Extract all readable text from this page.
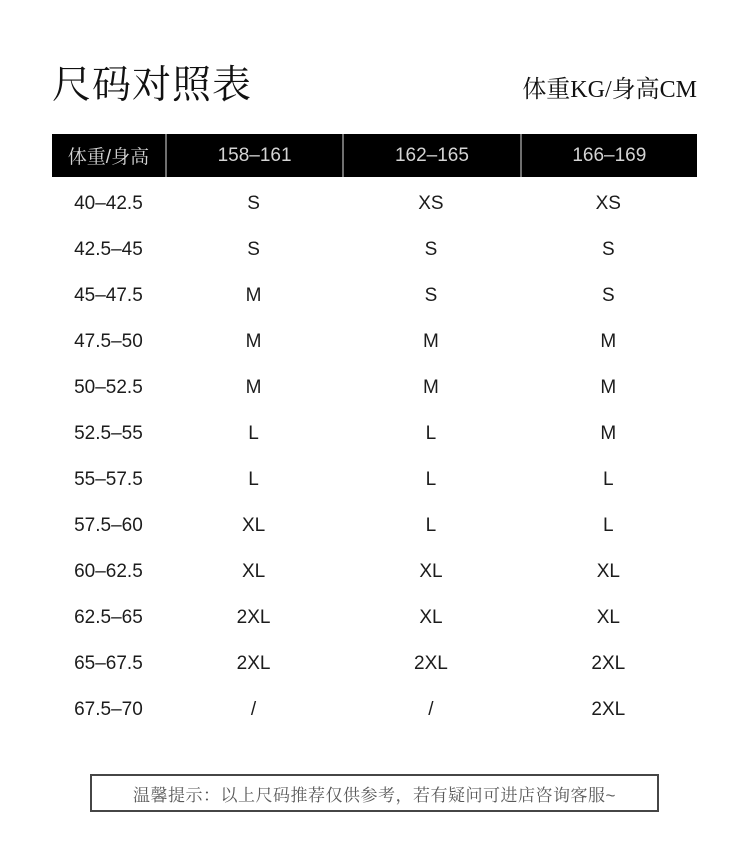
尺码对照表	体重KG/身高CM
体重/身高	158–161	162–165	166–169
40–42.5	S	XS	XS
42.5–45	S	S	S
45–47.5	M	S	S
47.5–50	M	M	M
50–52.5	M	M	M
52.5–55	L	L	M
55–57.5	L	L	L
57.5–60	XL	L	L
60–62.5	XL	XL	XL
62.5–65	2XL	XL	XL
65–67.5	2XL	2XL	2XL
67.5–70	/	/	2XL
温馨提示：以上尺码推荐仅供参考，若有疑问可进店咨询客服~
